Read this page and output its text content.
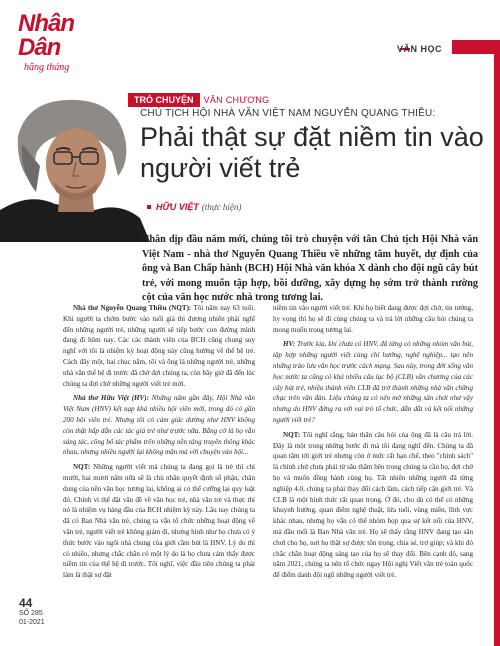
Nhân Dân
hằng tháng
VĂN HỌC
TRÒ CHUYỆN VĂN CHƯƠNG
CHỦ TỊCH HỘI NHÀ VĂN VIỆT NAM NGUYỄN QUANG THIỀU:
Phải thật sự đặt niềm tin vào người viết trẻ
HỮU VIỆT (thực hiện)
Nhân dịp đầu năm mới, chúng tôi trò chuyện với tân Chủ tịch Hội Nhà văn Việt Nam - nhà thơ Nguyễn Quang Thiều về những tâm huyết, dự định của ông và Ban Chấp hành (BCH) Hội Nhà văn khóa X dành cho đội ngũ cây bút trẻ, với mong muốn tập hợp, bồi dưỡng, xây dựng họ sớm trở thành rường cột của văn học nước nhà trong tương lai.

Nhà thơ Nguyễn Quang Thiều (NQT): Tôi năm nay 63 tuổi. Khi người ta chớm bước vào tuổi già thì đương nhiên phải nghĩ đến những người trẻ, những người sẽ tiếp bước con đường mình đang đi hôm nay. Các các thành viên của BCH cũng chung suy nghĩ với tôi là nhiệm kỳ hoạt động này cũng hướng về thế hệ trẻ. Cách đây một, hai chục năm, tôi và ông là những người trẻ, những nhà văn thế hệ đi trước đã chờ đợi chúng ta, còn bây giờ đã đến lúc chúng ta đợi chờ những người viết trẻ mới.

Nhà thơ Hữu Việt (HV): Những năm gần đây, Hội Nhà văn Việt Nam (HNV) kết nạp khá nhiều hội viên mới, trong đó có gần 200 hội viên trẻ. Nhưng tôi có cảm giác dường như HNV không còn thật hấp dẫn các tác giả trẻ như trước nữa. Bằng cớ là họ vẫn sáng tác, công bố tác phẩm trên những nền tảng truyền thông khác nhau, nhưng nhiều người lại không mặn mà với chuyện vào hội...

NQT: Những người viết mà chúng ta đang gọi là trẻ thì chỉ mười, hai mươi năm nữa sẽ là chủ nhân quyết định số phận, chân dung của nền văn học tương lai, không ai có thể cưỡng lại quy luật đó. Chính vì thế đặt văn đề về văn học trẻ, nhà văn trẻ và thực thi nó là nhiệm vụ hàng đầu của BCH nhiệm kỳ này. Lâu nay chúng ta đã có Ban Nhà văn trẻ, chúng ta vẫn tổ chức những hoạt động về văn trẻ, người viết trẻ không giảm đi, nhưng hình như họ chưa có ý thức bước vào ngôi nhà chung của giới cầm bút là HNV. Lý do thì có nhiều, nhưng chắc chắn có một lý do là họ chưa cảm thấy được niềm tin của thế hệ đi trước. Tôi nghĩ, việc đầu tiên chúng ta phải làm là thật sự đặt

niềm tin vào người viết trẻ. Khi họ biết đang được đợi chờ, tin tưởng, hy vọng thì họ sẽ đi cùng chúng ta và trả lời những câu hỏi chúng ta mong muốn trong tương lai.

HV: Trước kia, khi chưa có HNV, đã từng có những nhóm văn bút, tập hợp những người viết cùng chí hướng, nghệ nghiệp... tạo nên những trào lưu văn học trước cách mạng. Sau này, trong đời sống văn học nước ta cũng có khá nhiều câu lạc bộ (CLB) văn chương của các cây bút trẻ, nhiều thành viên CLB đã trở thành những nhà văn chững chạc trên văn đàn. Liệu chúng ta có nên mở những sân chơi như vậy nhưng do HNV đứng ra với vai trò tổ chức, dẫn dắt và kết nối những người viết trẻ?

NQT: Tôi nghĩ rằng, bản thân câu hỏi của ông đã là câu trả lời. Đây là một trong những bước đi mà tôi đang nghĩ đến. Chúng ta đã quan tâm tới giới trẻ nhưng còn ở mức rất hạn chế, theo "chính sách" là chính chứ chưa phải từ sâu thẳm bên trong chúng ta cần họ, đợi chờ họ và muốn đồng hành cùng họ. Tất nhiên những người đã từng nghiệp 4.0, chúng ta phải thay đổi cách làm, cách tiếp cận giới trẻ. Và CLB là một hình thức rất quan trọng. Ở đó, cho dù có thể có những khuynh hướng, quan điểm nghệ thuật, lứa tuổi, vùng miền, lĩnh vực khác nhau, nhưng họ vẫn có thể nhóm họp qua sự kết nối của HNV, mà đầu mối là Ban Nhà văn trẻ. Họ sẽ thấy rằng HNV đang tạo sân chơi cho họ, nơi họ thật sự được tôn trọng, chia sẻ, trợ giúp; và khi đó chắc chắn hoạt động sáng tạo của họ sẽ thay đổi. Bên cạnh đó, sang năm 2021, chúng ta nên tổ chức ngay Hội nghị Viết văn trẻ toàn quốc để điểm danh đội ngũ những người viết trẻ.

44
SỐ 285
01-2021
